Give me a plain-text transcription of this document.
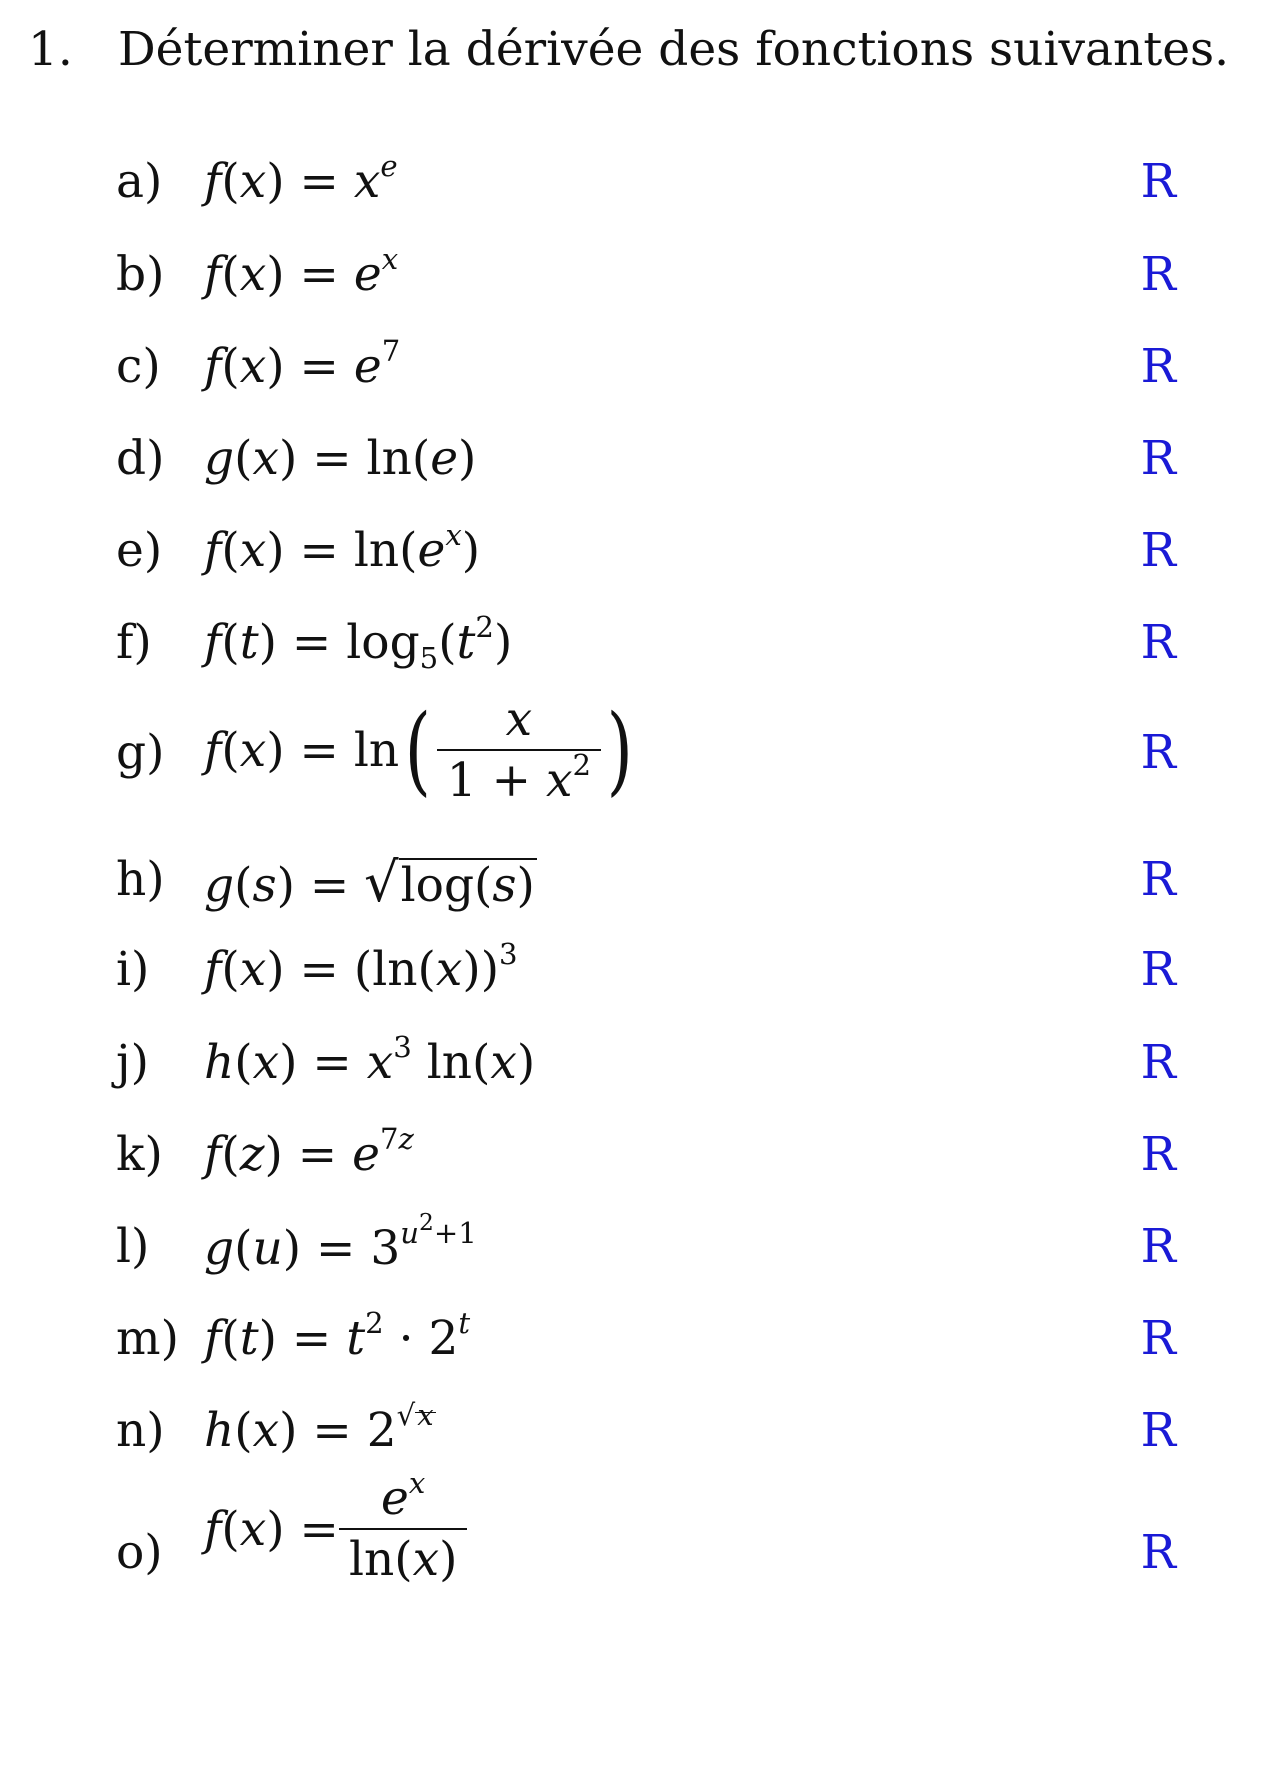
1. Déterminer la dérivée des fonctions suivantes.
a) $f(x) = x^e$	R
b) $f(x) = e^x$	R
c) $f(x) = e^7$	R
d) g(x) = ln(e)	R
e) $f(x) = \ln(e^x)$	R
f) $f(t) = \log_5(t^2)$	R
g) $f(x) = \ln( \frac{x}{1 + x^2}$ )	R
h) g(s) = √log(s)	R
i) $f(x) = (\ln(x))^3$	R
j) $h(x) = x^3$ ln(x)	R
k) $f(z) = e^{7z}$	R
l) $g(u) = 3^{u^2+1}$	R
m) $f(t) = t^2 \cdot 2^t$	R
n) $h(x) = 2^{√x}$	R
o) $f(x) = \frac{e^x}{\ln(x)}$	R
